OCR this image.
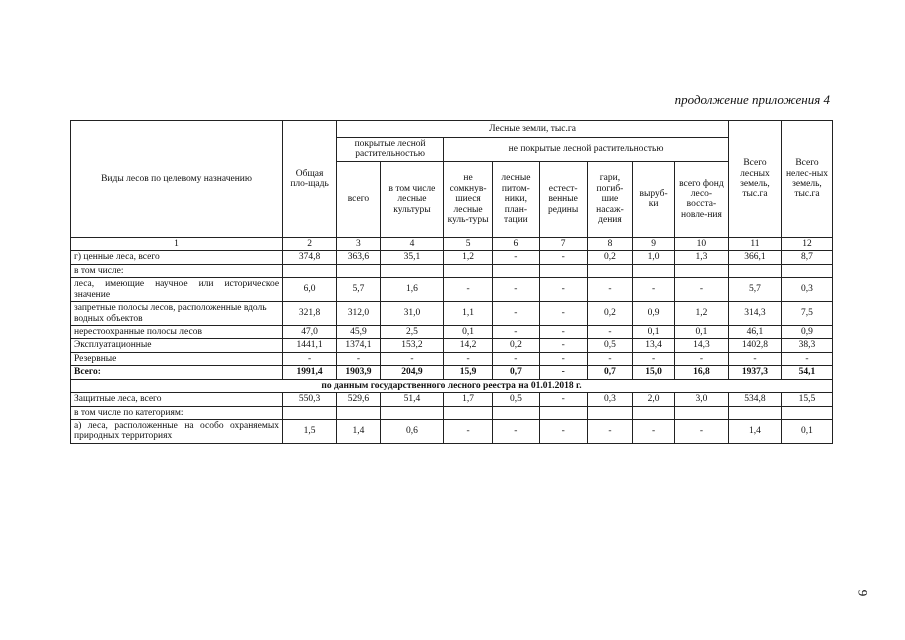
продолжение приложения 4
Виды лесов по целевому назначению	Общая пло-щадь	Лесные земли, тыс.га								Всего лесных земель, тыс.га	Всего нелес-ных земель, тыс.га
		покрытые лесной растительностью		не покрытые лесной растительностью							

		всего	в том числе лесные культуры	не сомкнув-шиеся лесные куль-туры	лесные питом-ники, план-тации	естест-венные редины	гари, погиб-шие насаж-дения	выруб-ки	всего фонд лесо-восста-новле-ния		
1	2	3	4	5	6	7	8	9	10	11	12
г) ценные леса, всего	374,8	363,6	35,1	1,2	-	-	0,2	1,0	1,3	366,1	8,7
в том числе:											
леса, имеющие научное или историческое значение	6,0	5,7	1,6	-	-	-	-	-	-	5,7	0,3
запретные полосы лесов, расположенные вдоль водных объектов	321,8	312,0	31,0	1,1	-	-	0,2	0,9	1,2	314,3	7,5
нерестоохранные полосы лесов	47,0	45,9	2,5	0,1	-	-	-	0,1	0,1	46,1	0,9
Эксплуатационные	1441,1	1374,1	153,2	14,2	0,2	-	0,5	13,4	14,3	1402,8	38,3
Резервные	-	-	-	-	-	-	-	-	-	-	-
Всего:	1991,4	1903,9	204,9	15,9	0,7	-	0,7	15,0	16,8	1937,3	54,1
по данным государственного лесного реестра на 01.01.2018 г.											
Защитные леса, всего	550,3	529,6	51,4	1,7	0,5	-	0,3	2,0	3,0	534,8	15,5
в том числе по категориям:											
а) леса, расположенные на особо охраняемых природных территориях	1,5	1,4	0,6	-	-	-	-	-	-	1,4	0,1
9
